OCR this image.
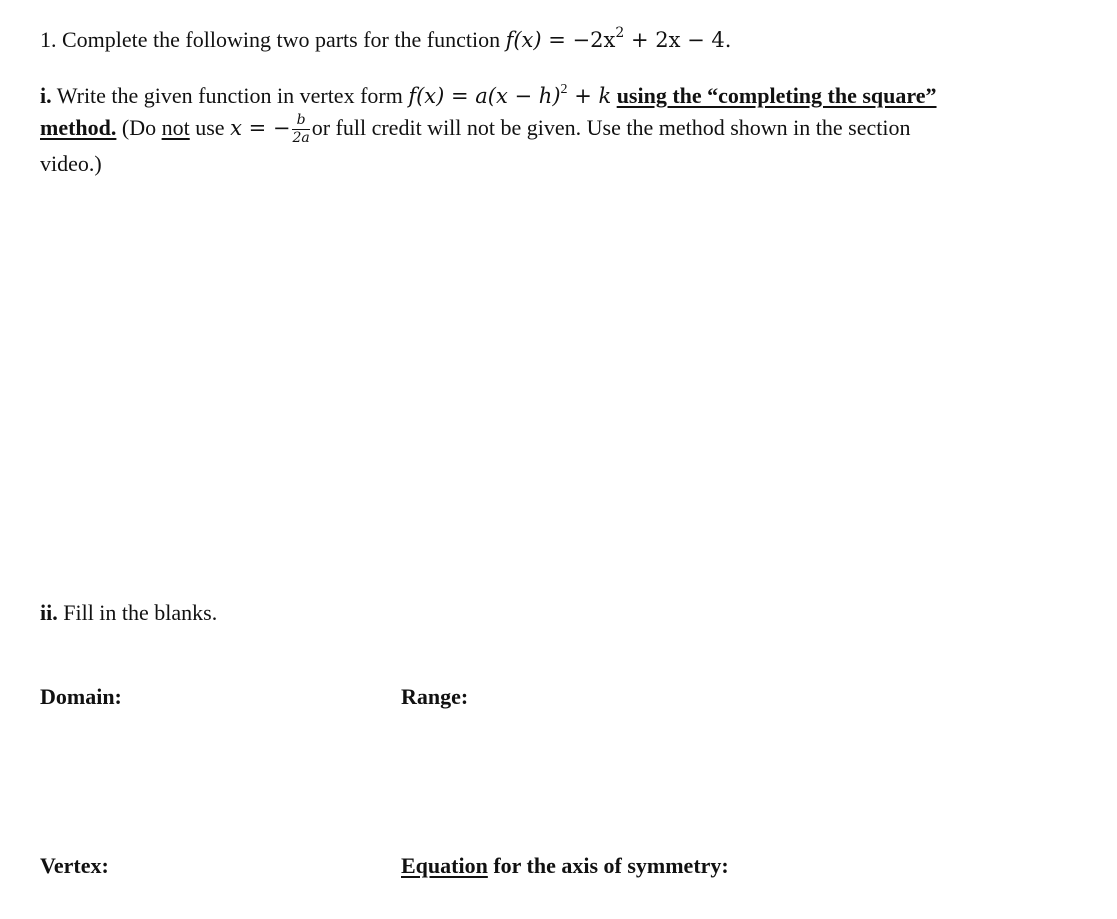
1. Complete the following two parts for the function $f(x) = -2x^2 + 2x - 4$.
i. Write the given function in vertex form $f(x) = a(x - h)^2 + k$ using the “completing the square”
method. (Do not use x = − $\frac{b}{2a}$ or full credit will not be given. Use the method shown in the section
video.)
ii. Fill in the blanks.
Domain:	Range:
Vertex:	Equation for the axis of symmetry:
